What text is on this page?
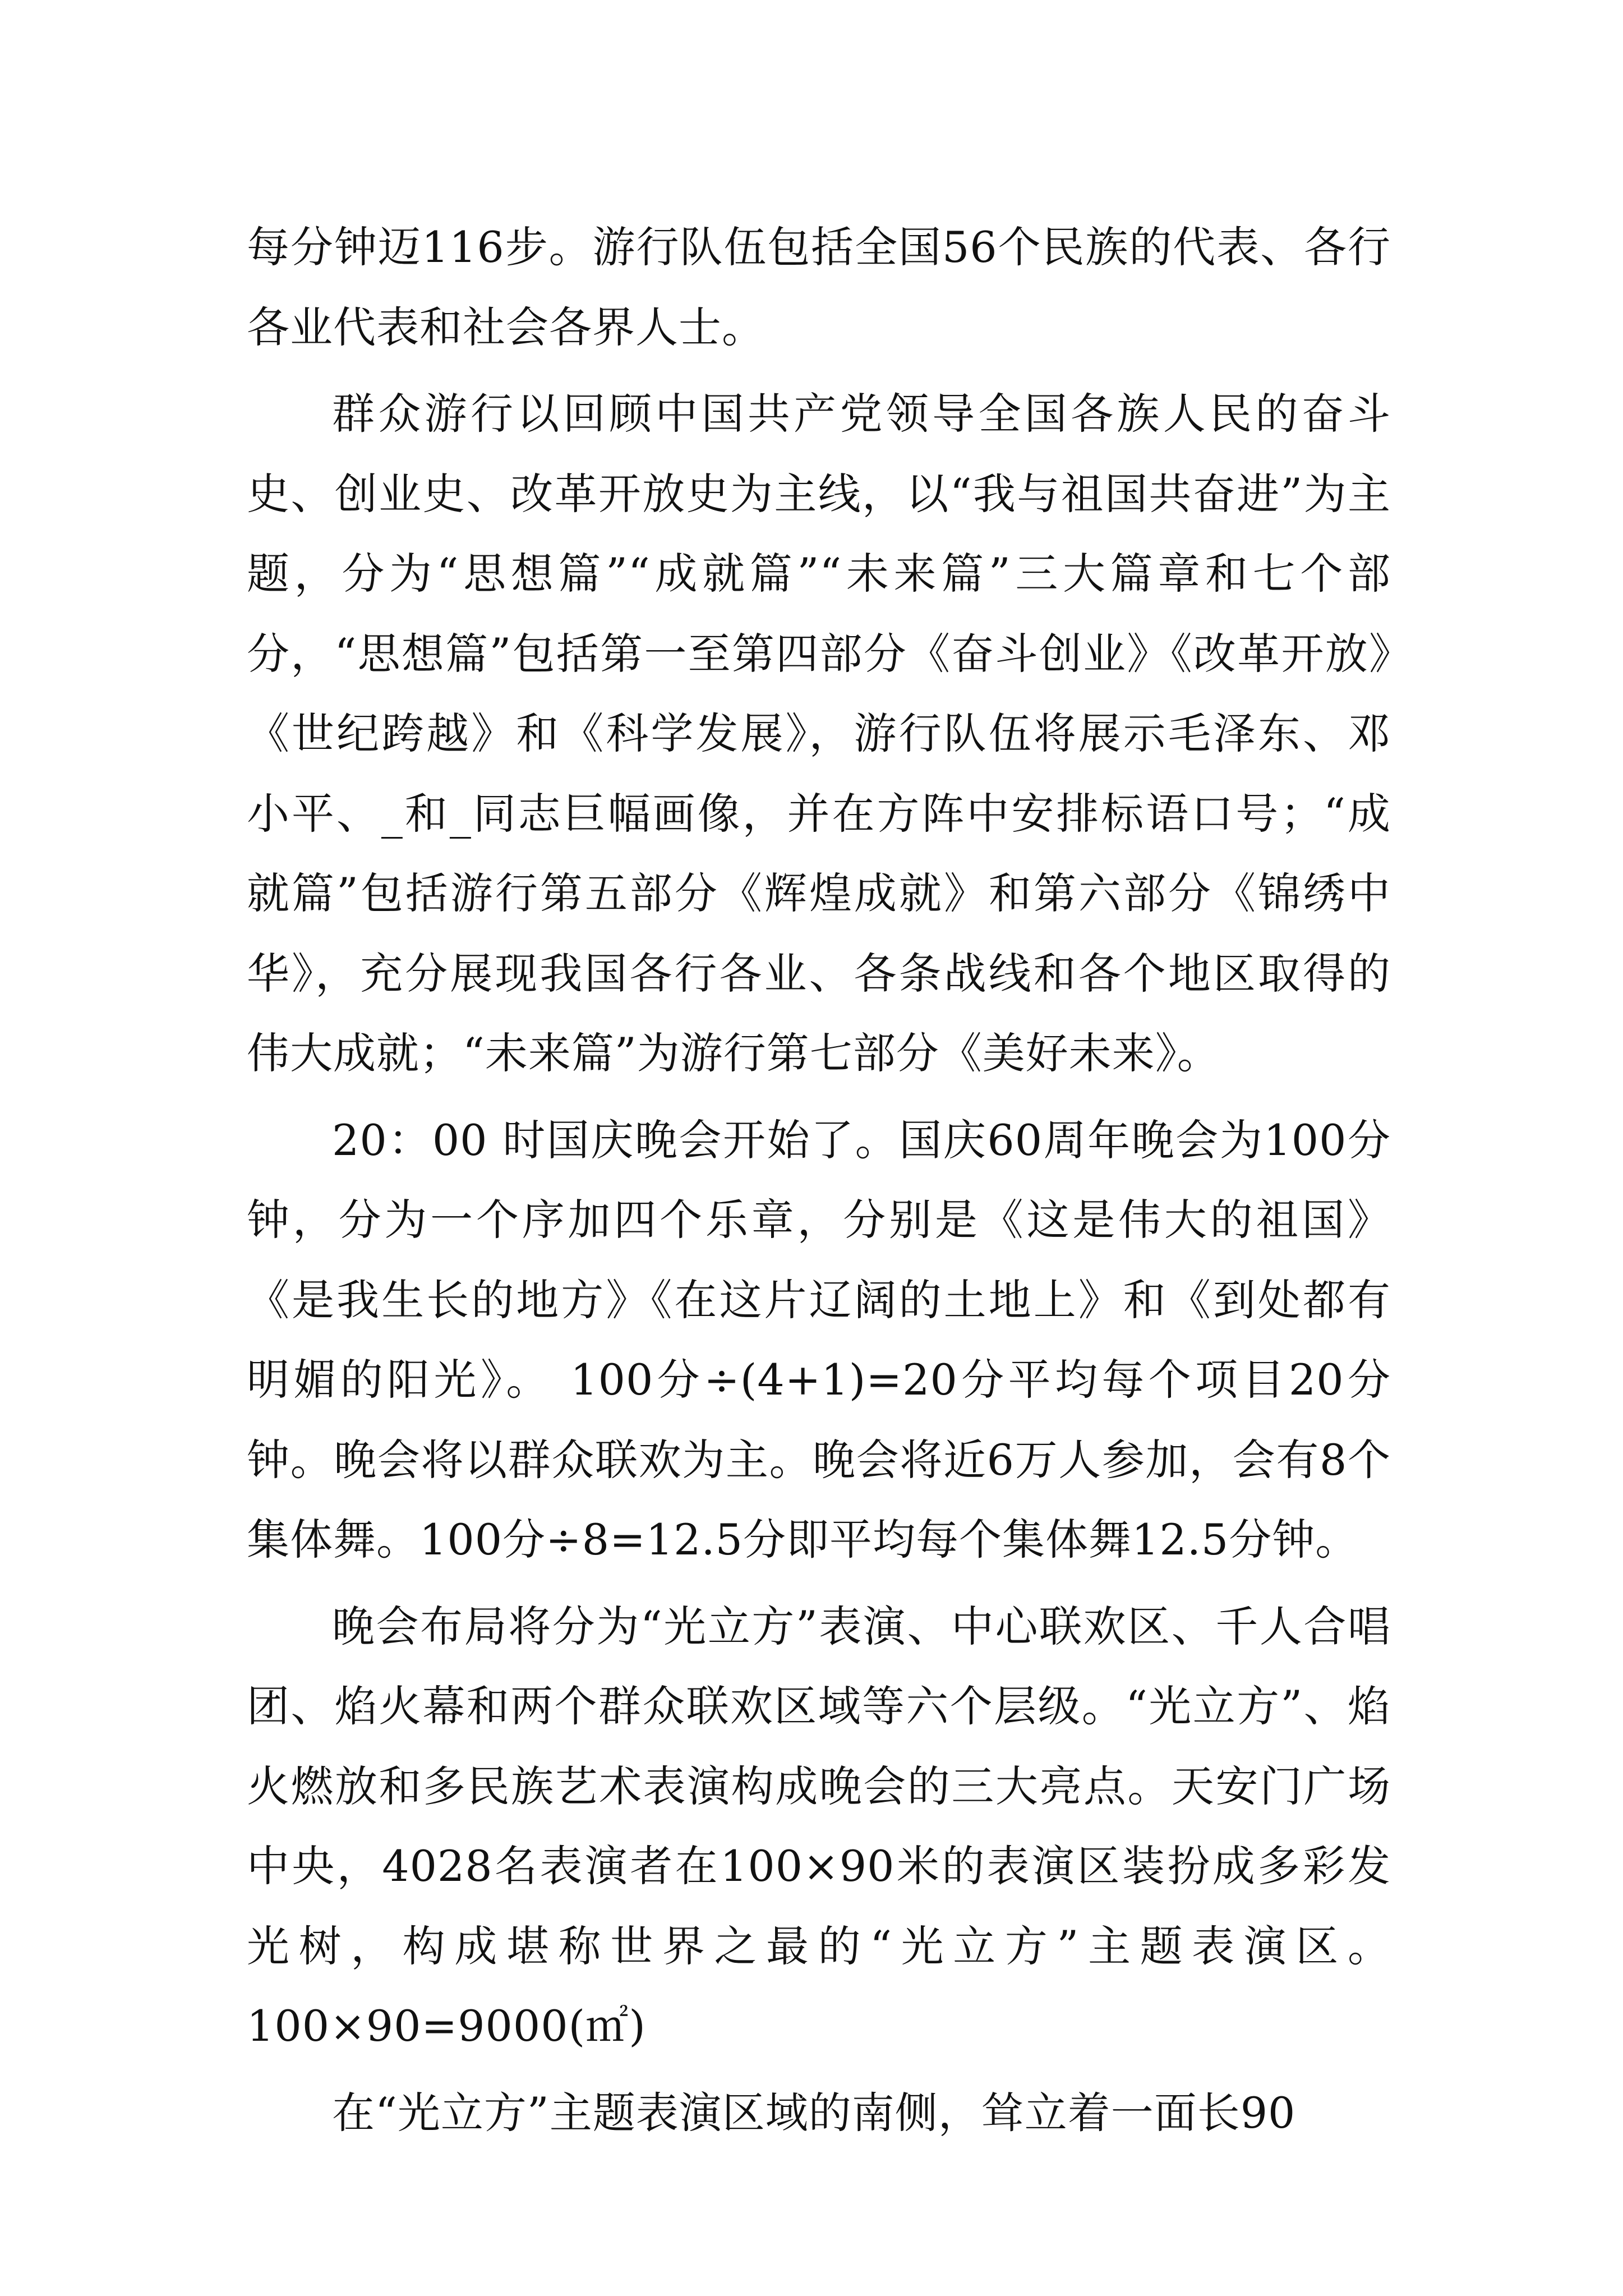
每分钟迈116步。游行队伍包括全国56个民族的代表、各行各业代表和社会各界人士。

群众游行以回顾中国共产党领导全国各族人民的奋斗史、创业史、改革开放史为主线，以“我与祖国共奋进”为主题，分为“思想篇”“成就篇”“未来篇”三大篇章和七个部分，“思想篇”包括第一至第四部分《奋斗创业》《改革开放》《世纪跨越》和《科学发展》，游行队伍将展示毛泽东、邓小平、_和_同志巨幅画像，并在方阵中安排标语口号；“成就篇”包括游行第五部分《辉煌成就》和第六部分《锦绣中华》，充分展现我国各行各业、各条战线和各个地区取得的伟大成就；“未来篇”为游行第七部分《美好未来》。

20：00 时国庆晚会开始了。国庆60周年晚会为100分钟，分为一个序加四个乐章，分别是《这是伟大的祖国》《是我生长的地方》《在这片辽阔的土地上》和《到处都有明媚的阳光》。 100分÷(4+1)=20分平均每个项目20分钟。晚会将以群众联欢为主。晚会将近6万人参加，会有8个集体舞。100分÷8=12.5分即平均每个集体舞12.5分钟。

晚会布局将分为“光立方”表演、中心联欢区、千人合唱团、焰火幕和两个群众联欢区域等六个层级。“光立方”、焰火燃放和多民族艺术表演构成晚会的三大亮点。天安门广场中央，4028名表演者在100×90米的表演区装扮成多彩发光树，构成堪称世界之最的“光立方”主题表演区。100×90=9000(㎡)

在“光立方”主题表演区域的南侧，耸立着一面长90
